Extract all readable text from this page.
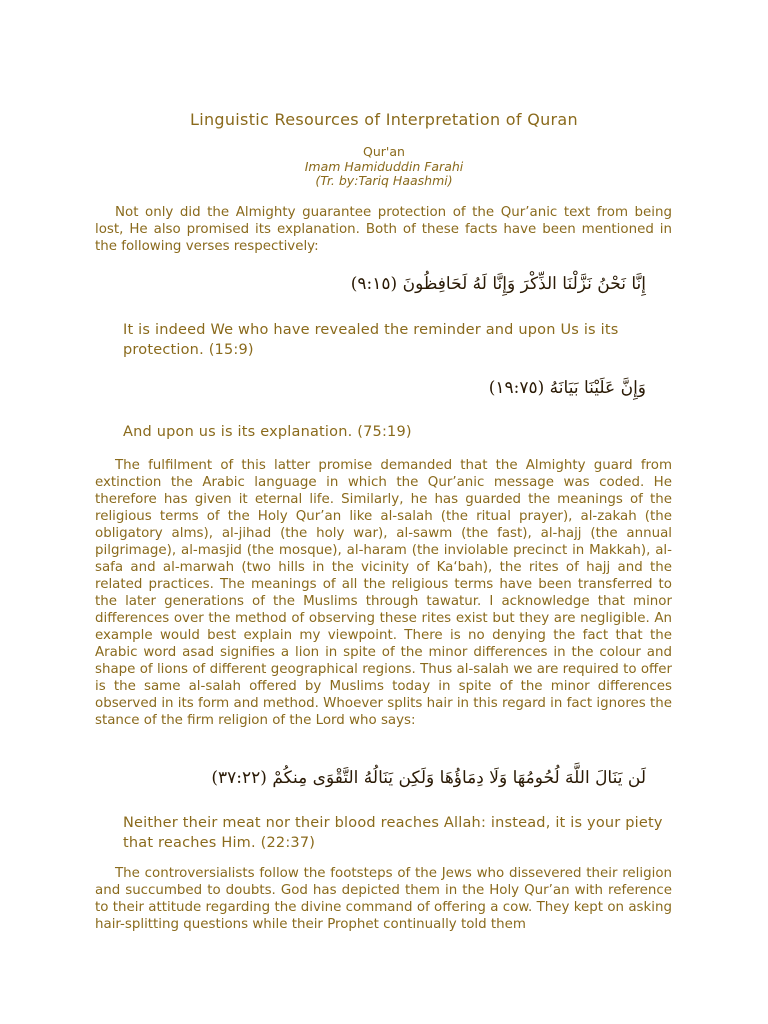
Linguistic Resources of Interpretation of Quran
Qur'an
Imam Hamiduddin Farahi
(Tr. by:Tariq Haashmi)
Not only did the Almighty guarantee protection of the Qur’anic text from being lost, He also promised its explanation. Both of these facts have been mentioned in the following verses respectively:
إِنَّا نَحْنُ نَزَّلْنَا الذِّكْرَ وَإِنَّا لَهُ لَحَافِظُونَ (٩:١٥)
It is indeed We who have revealed the reminder and upon Us is its protection. (15:9)
وَإِنَّ عَلَيْنَا بَيَانَهُ (١٩:٧٥)
And upon us is its explanation. (75:19)
The fulfilment of this latter promise demanded that the Almighty guard from extinction the Arabic language in which the Qur’anic message was coded. He therefore has given it eternal life. Similarly, he has guarded the meanings of the religious terms of the Holy Qur’an like al-salah (the ritual prayer), al-zakah (the obligatory alms), al-jihad (the holy war), al-sawm (the fast), al-hajj (the annual pilgrimage), al-masjid (the mosque), al-haram (the inviolable precinct in Makkah), al-safa and al-marwah (two hills in the vicinity of Ka‘bah), the rites of hajj and the related practices. The meanings of all the religious terms have been transferred to the later generations of the Muslims through tawatur. I acknowledge that minor differences over the method of observing these rites exist but they are negligible. An example would best explain my viewpoint. There is no denying the fact that the Arabic word asad signifies a lion in spite of the minor differences in the colour and shape of lions of different geographical regions. Thus al-salah we are required to offer is the same al-salah offered by Muslims today in spite of the minor differences observed in its form and method. Whoever splits hair in this regard in fact ignores the stance of the firm religion of the Lord who says:
لَن يَنَالَ اللَّهَ لُحُومُهَا وَلَا دِمَاؤُهَا وَلَكِن يَنَالُهُ التَّقْوَى مِنكُمْ (٣٧:٢٢)
Neither their meat nor their blood reaches Allah: instead, it is your piety that reaches Him. (22:37)
The controversialists follow the footsteps of the Jews who dissevered their religion and succumbed to doubts. God has depicted them in the Holy Qur’an with reference to their attitude regarding the divine command of offering a cow. They kept on asking hair-splitting questions while their Prophet continually told them
